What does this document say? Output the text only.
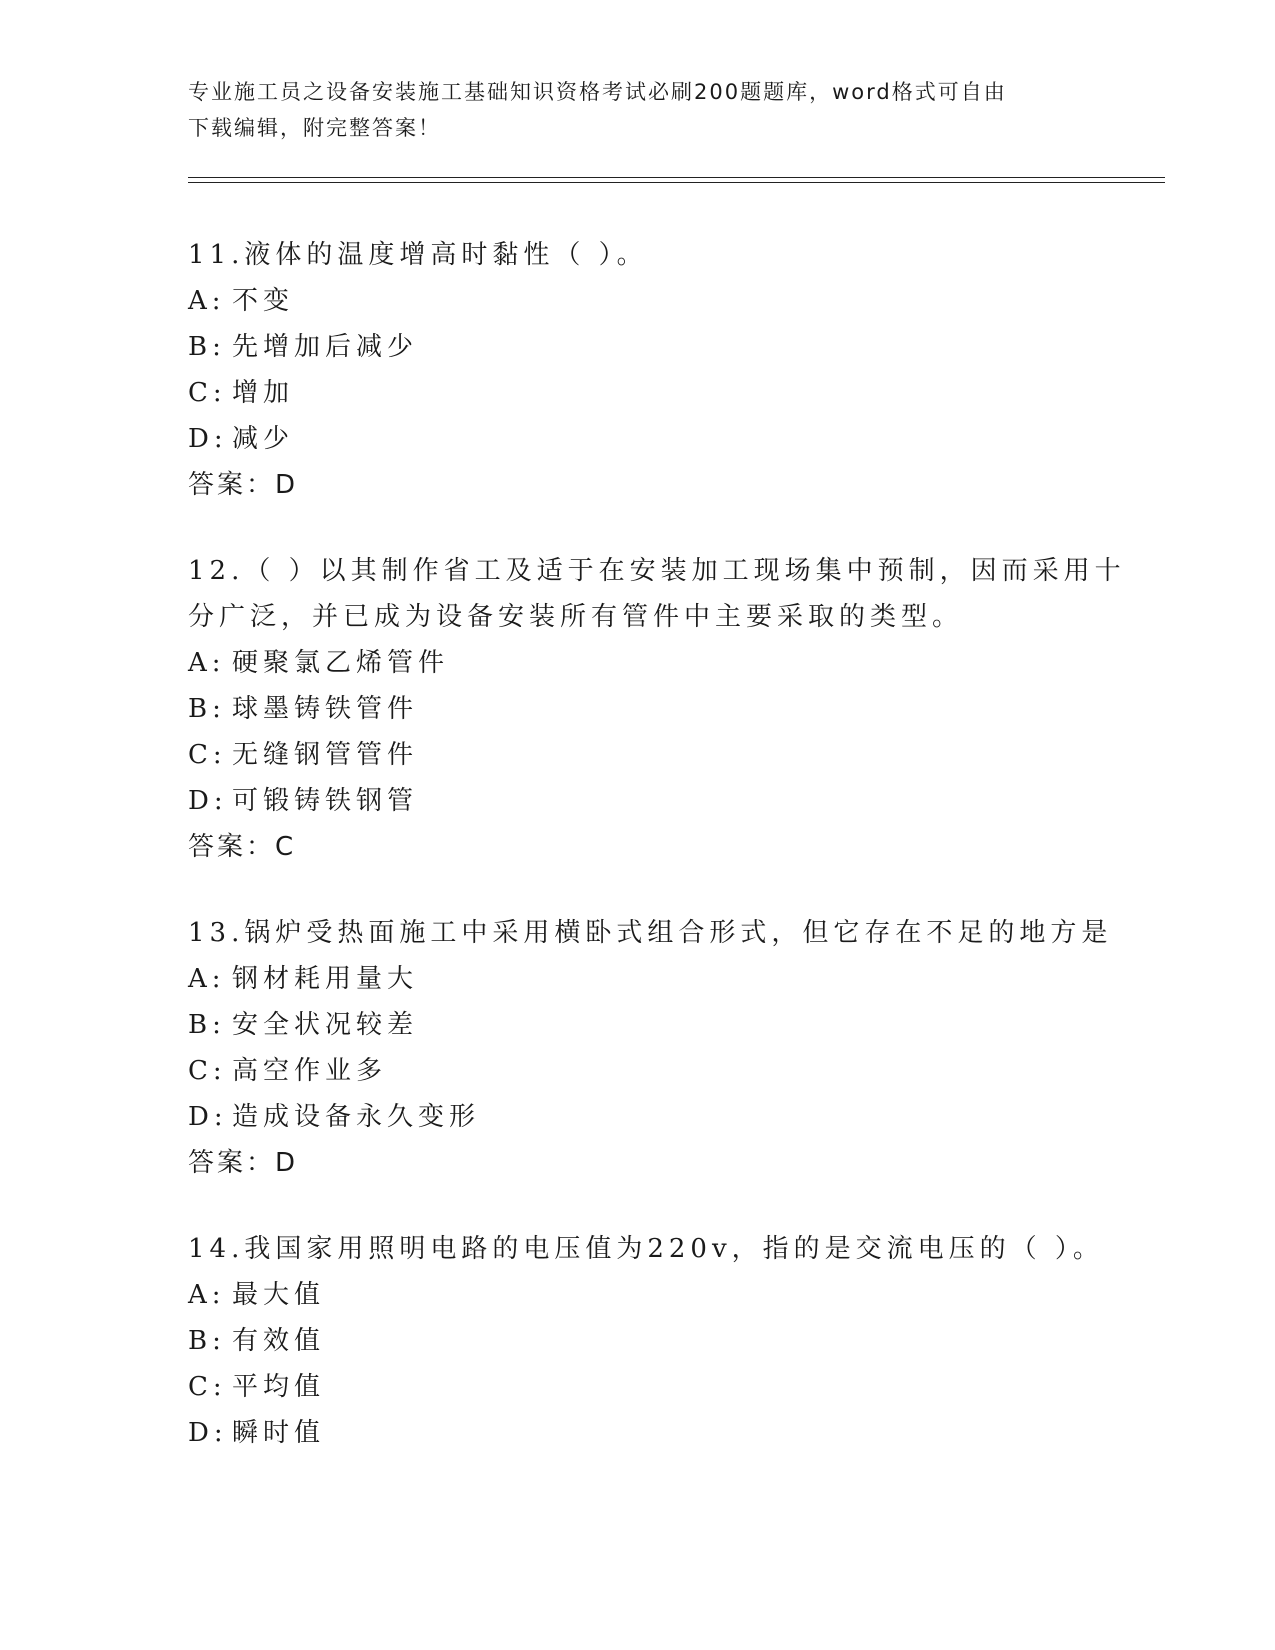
专业施工员之设备安装施工基础知识资格考试必刷200题题库，word格式可自由
下载编辑，附完整答案！
11.液体的温度增高时黏性（ ）。
A: 不变
B: 先增加后减少
C: 增加
D: 减少
答案：D
12.（ ）以其制作省工及适于在安装加工现场集中预制，因而采用十
分广泛，并已成为设备安装所有管件中主要采取的类型。
A: 硬聚氯乙烯管件
B: 球墨铸铁管件
C: 无缝钢管管件
D: 可锻铸铁钢管
答案：C
13.锅炉受热面施工中采用横卧式组合形式，但它存在不足的地方是
A: 钢材耗用量大
B: 安全状况较差
C: 高空作业多
D: 造成设备永久变形
答案：D
14.我国家用照明电路的电压值为220v，指的是交流电压的（ ）。
A: 最大值
B: 有效值
C: 平均值
D: 瞬时值
